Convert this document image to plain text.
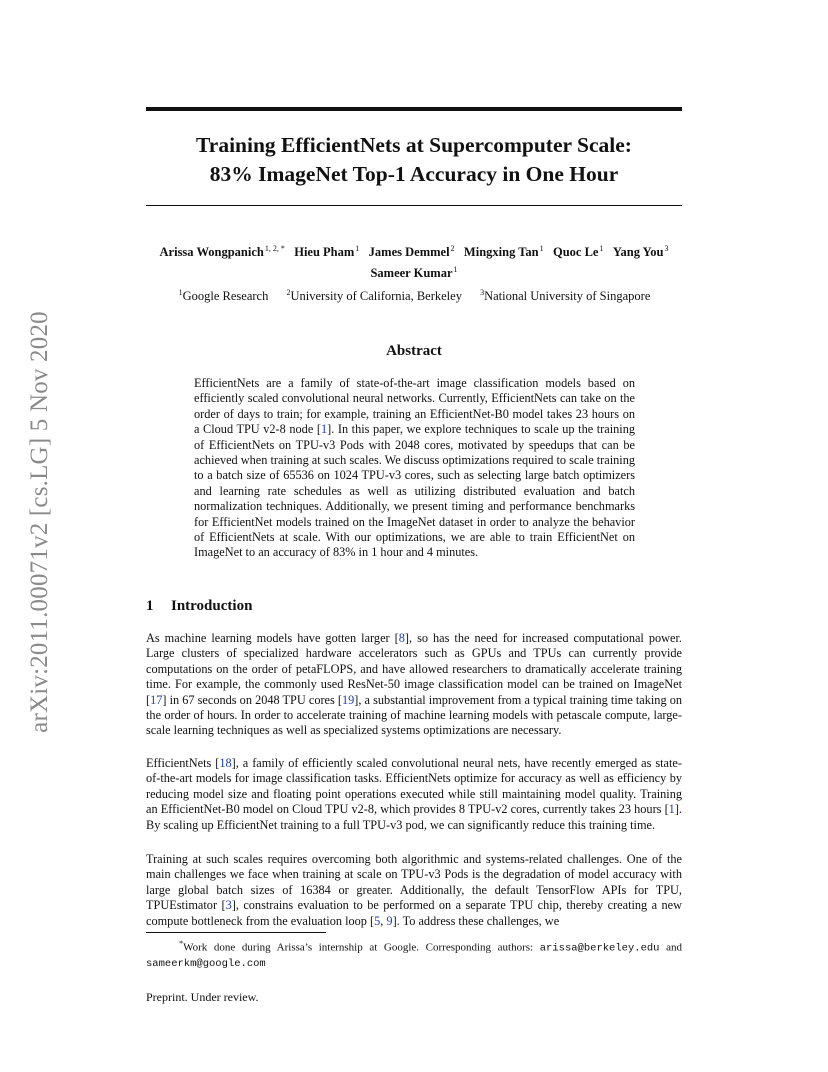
arXiv:2011.00071v2 [cs.LG] 5 Nov 2020
Training EfficientNets at Supercomputer Scale:
83% ImageNet Top-1 Accuracy in One Hour
Arissa Wongpanich$^{1, 2, *}$ Hieu Pham$^1$ James Demmel$^2$ Mingxing Tan$^1$ Quoc Le$^1$ Yang You$^3$
Sameer Kumar$^1$
$^1$Google Research $^2$University of California, Berkeley $^3$National University of Singapore
Abstract
EfficientNets are a family of state-of-the-art image classification models based on efficiently scaled convolutional neural networks. Currently, EfficientNets can take on the order of days to train; for example, training an EfficientNet-B0 model takes 23 hours on a Cloud TPU v2-8 node [1]. In this paper, we explore techniques to scale up the training of EfficientNets on TPU-v3 Pods with 2048 cores, motivated by speedups that can be achieved when training at such scales. We discuss optimizations required to scale training to a batch size of 65536 on 1024 TPU-v3 cores, such as selecting large batch optimizers and learning rate schedules as well as utilizing distributed evaluation and batch normalization techniques. Additionally, we present timing and performance benchmarks for EfficientNet models trained on the ImageNet dataset in order to analyze the behavior of EfficientNets at scale. With our optimizations, we are able to train EfficientNet on ImageNet to an accuracy of 83% in 1 hour and 4 minutes.
1 Introduction
As machine learning models have gotten larger [8], so has the need for increased computational power. Large clusters of specialized hardware accelerators such as GPUs and TPUs can currently provide computations on the order of petaFLOPS, and have allowed researchers to dramatically accelerate training time. For example, the commonly used ResNet-50 image classification model can be trained on ImageNet [17] in 67 seconds on 2048 TPU cores [19], a substantial improvement from a typical training time taking on the order of hours. In order to accelerate training of machine learning models with petascale compute, large-scale learning techniques as well as specialized systems optimizations are necessary.
EfficientNets [18], a family of efficiently scaled convolutional neural nets, have recently emerged as state-of-the-art models for image classification tasks. EfficientNets optimize for accuracy as well as efficiency by reducing model size and floating point operations executed while still maintaining model quality. Training an EfficientNet-B0 model on Cloud TPU v2-8, which provides 8 TPU-v2 cores, currently takes 23 hours [1]. By scaling up EfficientNet training to a full TPU-v3 pod, we can significantly reduce this training time.
Training at such scales requires overcoming both algorithmic and systems-related challenges. One of the main challenges we face when training at scale on TPU-v3 Pods is the degradation of model accuracy with large global batch sizes of 16384 or greater. Additionally, the default TensorFlow APIs for TPU, TPUEstimator [3], constrains evaluation to be performed on a separate TPU chip, thereby creating a new compute bottleneck from the evaluation loop [5, 9]. To address these challenges, we
*Work done during Arissa’s internship at Google. Corresponding authors: arissa@berkeley.edu and sameerkm@google.com
Preprint. Under review.
